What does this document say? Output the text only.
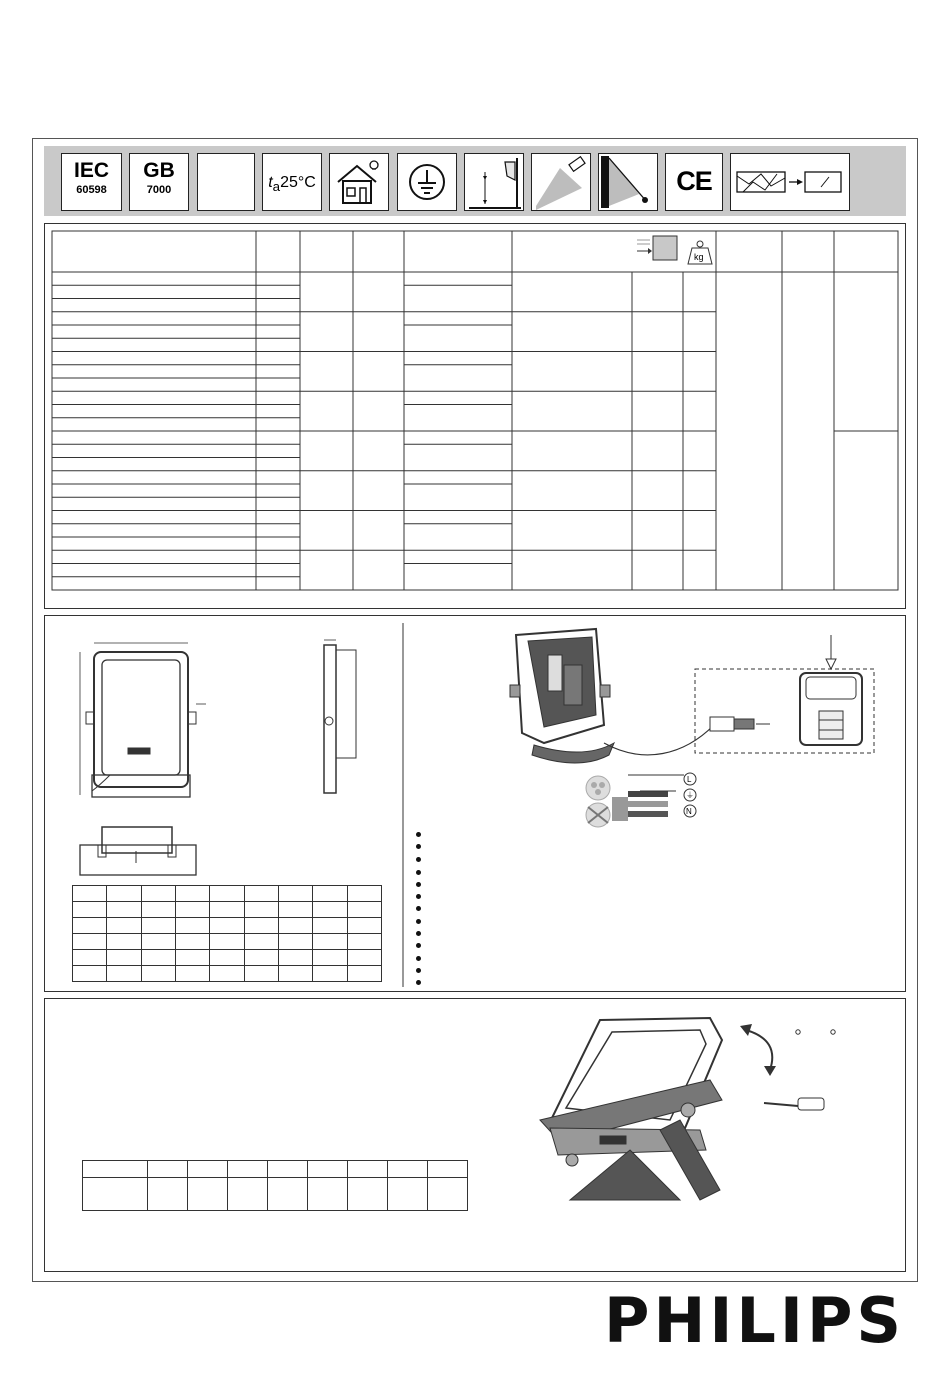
IEC
60598
GB
7000	$t_a25^\circ C$	CE
kg
L
⏚
N

PHILIPS
